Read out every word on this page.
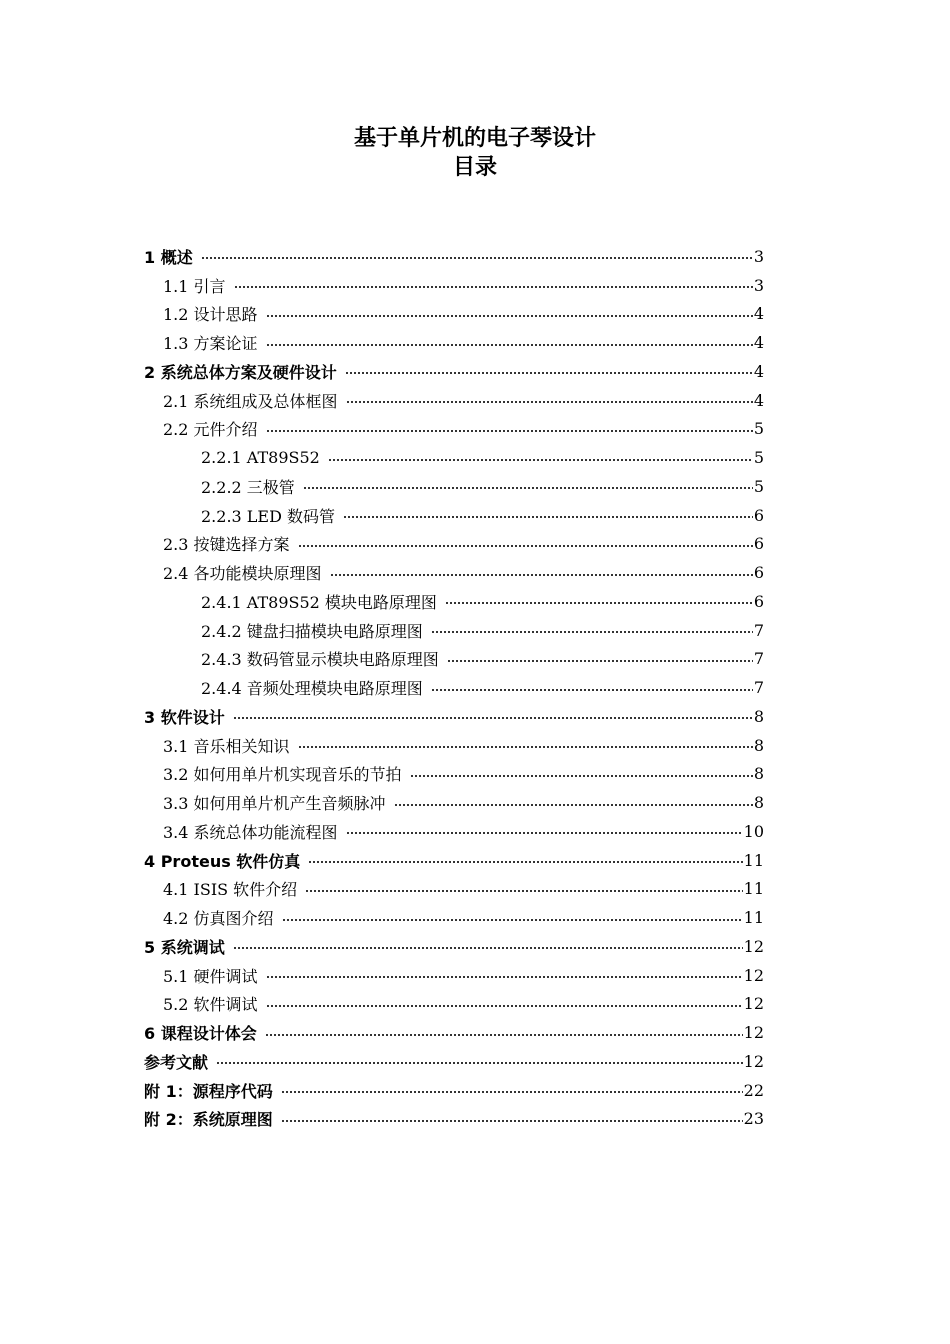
基于单片机的电子琴设计
目录
1 概述	3
1.1 引言	3
1.2 设计思路	4
1.3 方案论证	4
2 系统总体方案及硬件设计	4
2.1 系统组成及总体框图	4
2.2 元件介绍	5
2.2.1 AT89S52	5
2.2.2 三极管	5
2.2.3 LED 数码管	6
2.3 按键选择方案	6
2.4 各功能模块原理图	6
2.4.1 AT89S52 模块电路原理图	6
2.4.2 键盘扫描模块电路原理图	7
2.4.3 数码管显示模块电路原理图	7
2.4.4 音频处理模块电路原理图	7
3 软件设计	8
3.1 音乐相关知识	8
3.2 如何用单片机实现音乐的节拍	8
3.3 如何用单片机产生音频脉冲	8
3.4 系统总体功能流程图	10
4 Proteus 软件仿真	11
4.1 ISIS 软件介绍	11
4.2 仿真图介绍	11
5 系统调试	12
5.1 硬件调试	12
5.2 软件调试	12
6 课程设计体会	12
参考文献	12
附 1：源程序代码	22
附 2：系统原理图	23
